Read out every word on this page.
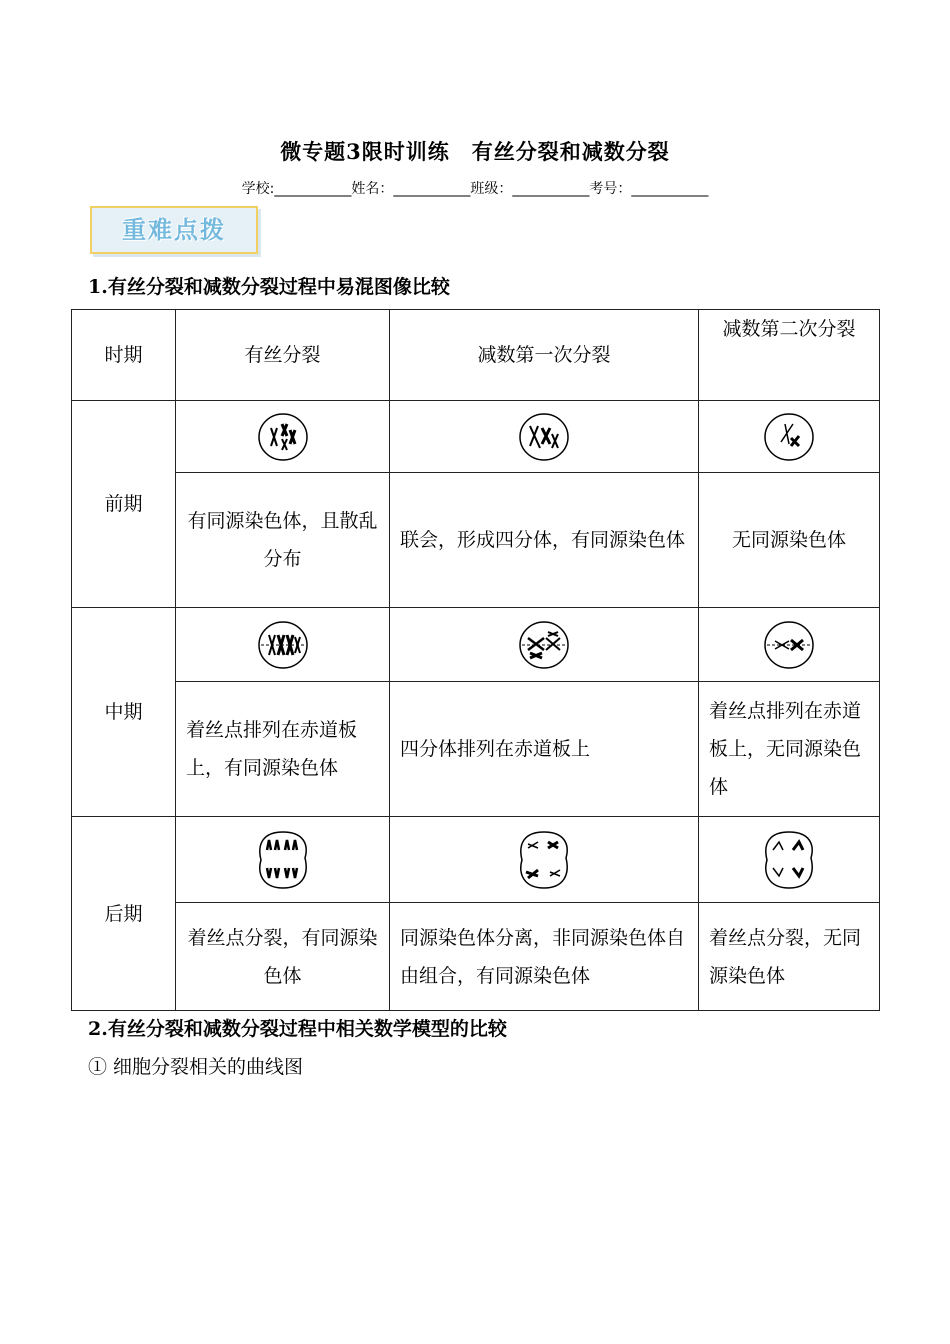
微专题3限时训练　有丝分裂和减数分裂
学校:___________姓名：___________班级：___________考号：___________
重难点拨
1.有丝分裂和减数分裂过程中易混图像比较
时期	有丝分裂	减数第一次分裂	减数第二次分裂
前期	

	有同源染色体，且散乱分布	联会，形成四分体，有同源染色体	无同源染色体
中期	

	着丝点排列在赤道板上，有同源染色体	四分体排列在赤道板上	着丝点排列在赤道板上，无同源染色体
后期	

	着丝点分裂，有同源染色体	同源染色体分离，非同源染色体自由组合，有同源染色体	着丝点分裂，无同源染色体
2.有丝分裂和减数分裂过程中相关数学模型的比较
① 细胞分裂相关的曲线图
